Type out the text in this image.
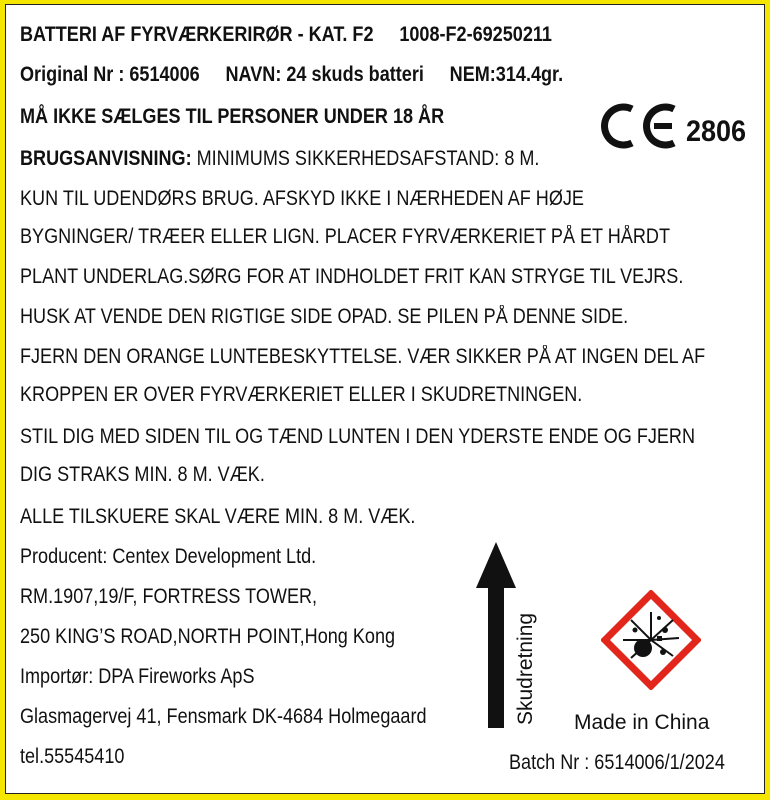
BATTERI AF FYRVÆRKERIRØR - KAT. F2 1008-F2-69250211
Original Nr : 6514006 NAVN: 24 skuds batteri NEM:314.4gr.
MÅ IKKE SÆLGES TIL PERSONER UNDER 18 ÅR
BRUGSANVISNING: MINIMUMS SIKKERHEDSAFSTAND: 8 M.
KUN TIL UDENDØRS BRUG. AFSKYD IKKE I NÆRHEDEN AF HØJE
BYGNINGER/ TRÆER ELLER LIGN. PLACER FYRVÆRKERIET PÅ ET HÅRDT
PLANT UNDERLAG.SØRG FOR AT INDHOLDET FRIT KAN STRYGE TIL VEJRS.
HUSK AT VENDE DEN RIGTIGE SIDE OPAD. SE PILEN PÅ DENNE SIDE.
FJERN DEN ORANGE LUNTEBESKYTTELSE. VÆR SIKKER PÅ AT INGEN DEL AF
KROPPEN ER OVER FYRVÆRKERIET ELLER I SKUDRETNINGEN.
STIL DIG MED SIDEN TIL OG TÆND LUNTEN I DEN YDERSTE ENDE OG FJERN
DIG STRAKS MIN. 8 M. VÆK.
ALLE TILSKUERE SKAL VÆRE MIN. 8 M. VÆK.
Producent: Centex Development Ltd.
RM.1907,19/F, FORTRESS TOWER,
250 KING’S ROAD,NORTH POINT,Hong Kong
Importør: DPA Fireworks ApS
Glasmagervej 41, Fensmark DK-4684 Holmegaard
tel.55545410
2806
Skudretning Made in China
Batch Nr : 6514006/1/2024
